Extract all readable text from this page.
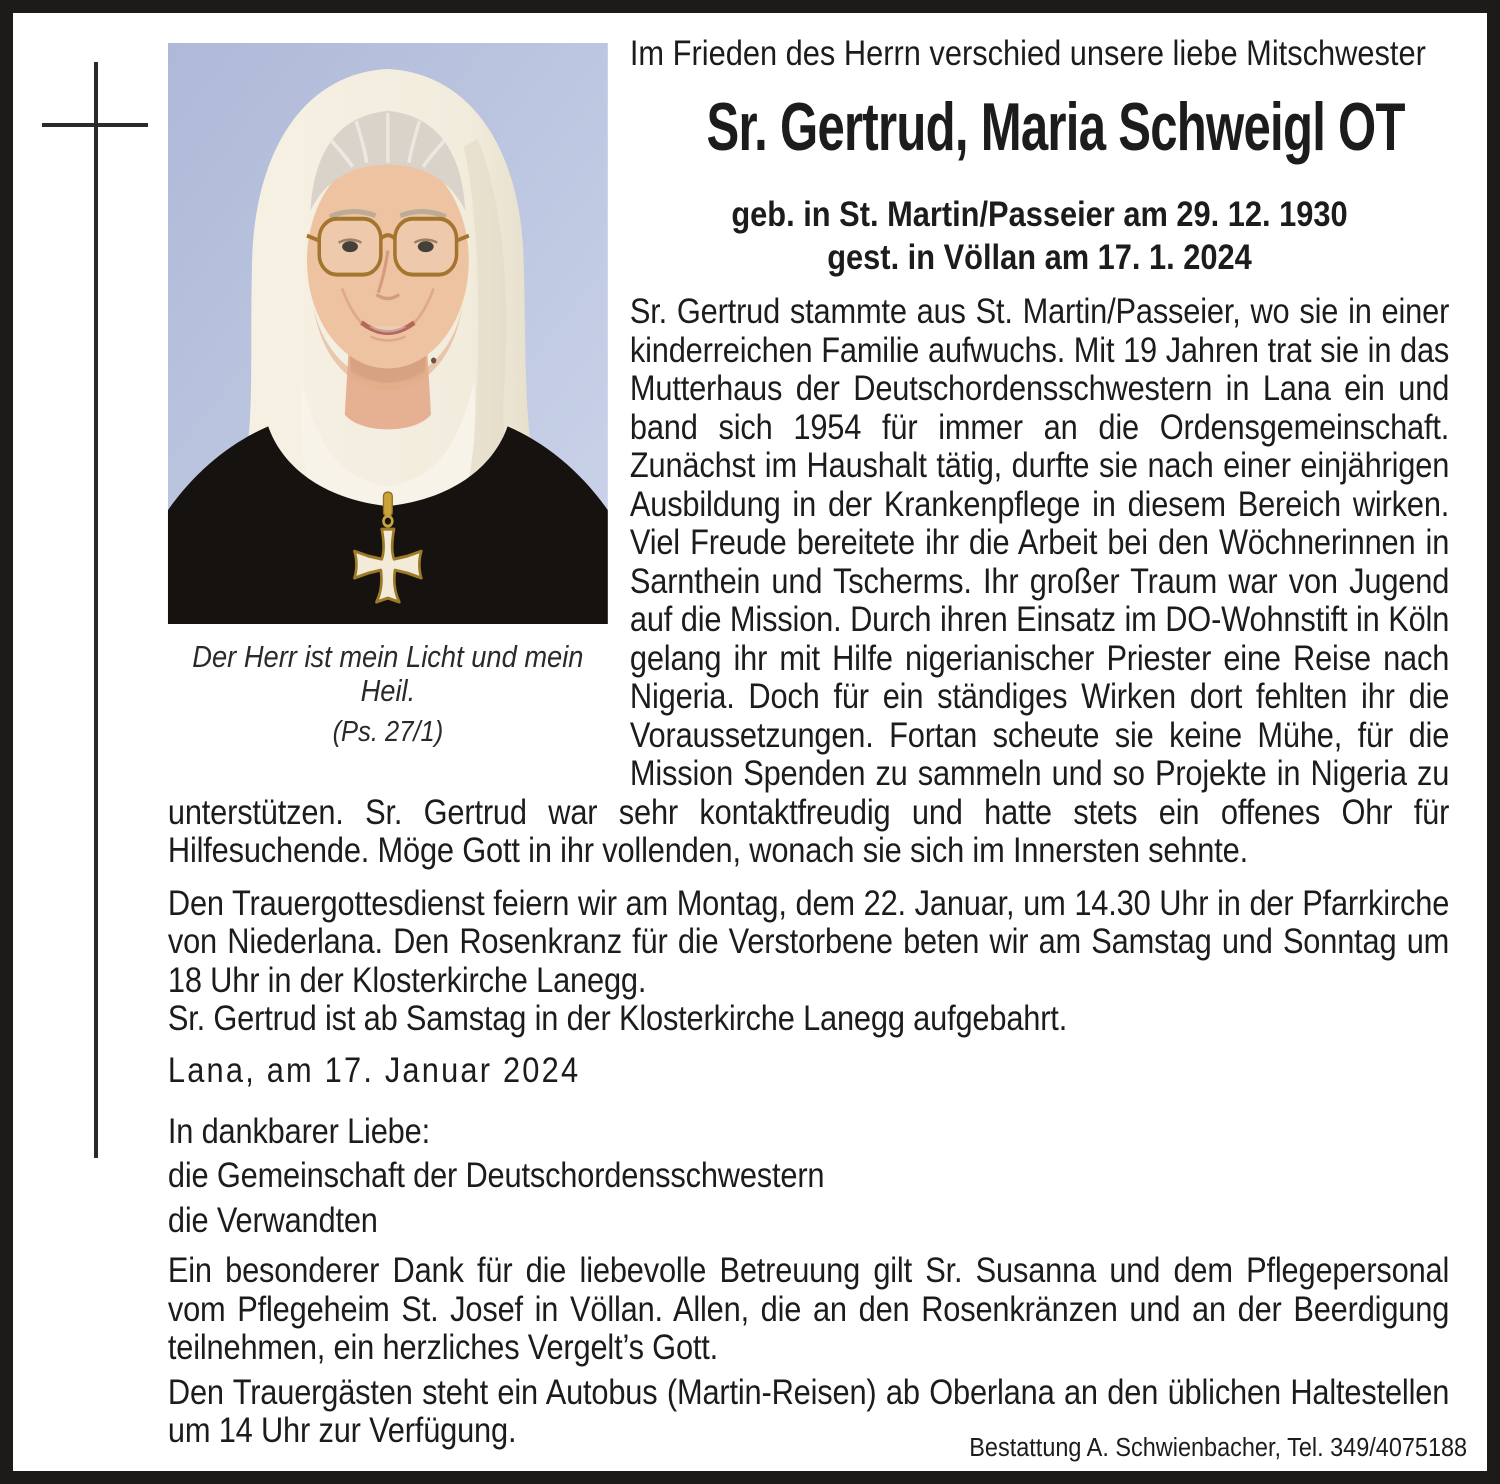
Der Herr ist mein Licht und mein Heil.
(Ps. 27/1)

Im Frieden des Herrn verschied unsere liebe Mitschwester

Sr. Gertrud, Maria Schweigl OT
geb. in St. Martin/Passeier am 29. 12. 1930
gest. in Völlan am 17. 1. 2024

Sr. Gertrud stammte aus St. Martin/Passeier, wo sie in einer kinderreichen Familie aufwuchs. Mit 19 Jahren trat sie in das Mutterhaus der Deutschordensschwestern in Lana ein und band sich 1954 für immer an die Ordensgemeinschaft. Zunächst im Haushalt tätig, durfte sie nach einer einjährigen Ausbildung in der Krankenpflege in diesem Bereich wirken. Viel Freude bereitete ihr die Arbeit bei den Wöchnerinnen in Sarnthein und Tscherms. Ihr großer Traum war von Jugend auf die Mission. Durch ihren Einsatz im DO-Wohnstift in Köln gelang ihr mit Hilfe nigerianischer Priester eine Reise nach Nigeria. Doch für ein ständiges Wirken dort fehlten ihr die Voraussetzungen. Fortan scheute sie keine Mühe, für die Mission Spenden zu sammeln und so Projekte in Nigeria zu unterstützen. Sr. Gertrud war sehr kontaktfreudig und hatte stets ein offenes Ohr für Hilfesuchende. Möge Gott in ihr vollenden, wonach sie sich im Innersten sehnte.

Den Trauergottesdienst feiern wir am Montag, dem 22. Januar, um 14.30 Uhr in der Pfarrkirche von Niederlana. Den Rosenkranz für die Verstorbene beten wir am Samstag und Sonntag um 18 Uhr in der Klosterkirche Lanegg.

Sr. Gertrud ist ab Samstag in der Klosterkirche Lanegg aufgebahrt.

Lana, am 17. Januar 2024

In dankbarer Liebe:

die Gemeinschaft der Deutschordensschwestern

die Verwandten

Ein besonderer Dank für die liebevolle Betreuung gilt Sr. Susanna und dem Pflegepersonal vom Pflegeheim St. Josef in Völlan. Allen, die an den Rosenkränzen und an der Beerdigung teilnehmen, ein herzliches Vergelt’s Gott.

Den Trauergästen steht ein Autobus (Martin-Reisen) ab Oberlana an den üblichen Haltestellen um 14 Uhr zur Verfügung.	Bestattung A. Schwienbacher, Tel. 349/4075188
